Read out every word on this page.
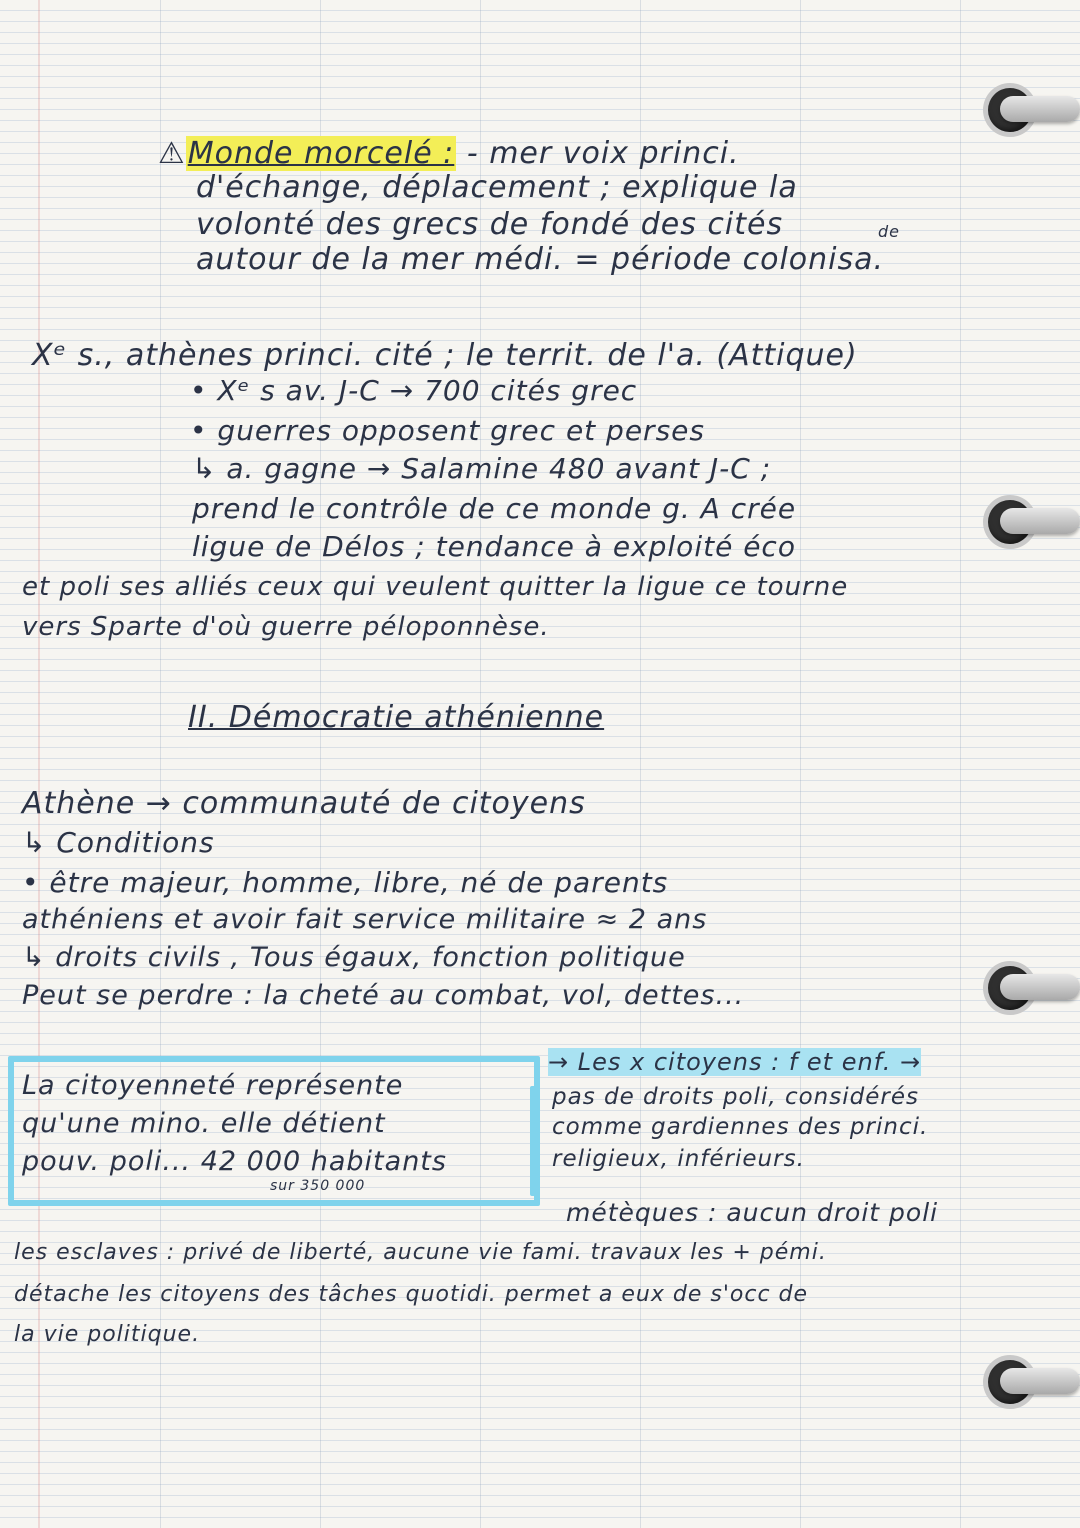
⚠Monde morcelé : - mer voix princi.
d'échange, déplacement ; explique la
volonté des grecs de fondé des cités	de
autour de la mer médi. = période colonisa.
Xᵉ s., athènes princi. cité ; le territ. de l'a. (Attique)
• Xᵉ s av. J-C → 700 cités grec
• guerres opposent grec et perses
↳ a. gagne → Salamine 480 avant J-C ;
prend le contrôle de ce monde g. A crée
ligue de Délos ; tendance à exploité éco
et poli ses alliés ceux qui veulent quitter la ligue ce tourne
vers Sparte d'où guerre péloponnèse.
II. Démocratie athénienne
Athène → communauté de citoyens
↳ Conditions
• être majeur, homme, libre, né de parents
athéniens et avoir fait service militaire ≈ 2 ans
↳ droits civils , Tous égaux, fonction politique
Peut se perdre : la cheté au combat, vol, dettes...
La citoyenneté représente
qu'une mino. elle détient
pouv. poli... 42 000 habitants
sur 350 000
→ Les x citoyens : f et enf. →
pas de droits poli, considérés
comme gardiennes des princi.
religieux, inférieurs.
métèques : aucun droit poli
les esclaves : privé de liberté, aucune vie fami. travaux les + pémi.
détache les citoyens des tâches quotidi. permet a eux de s'occ de
la vie politique.
